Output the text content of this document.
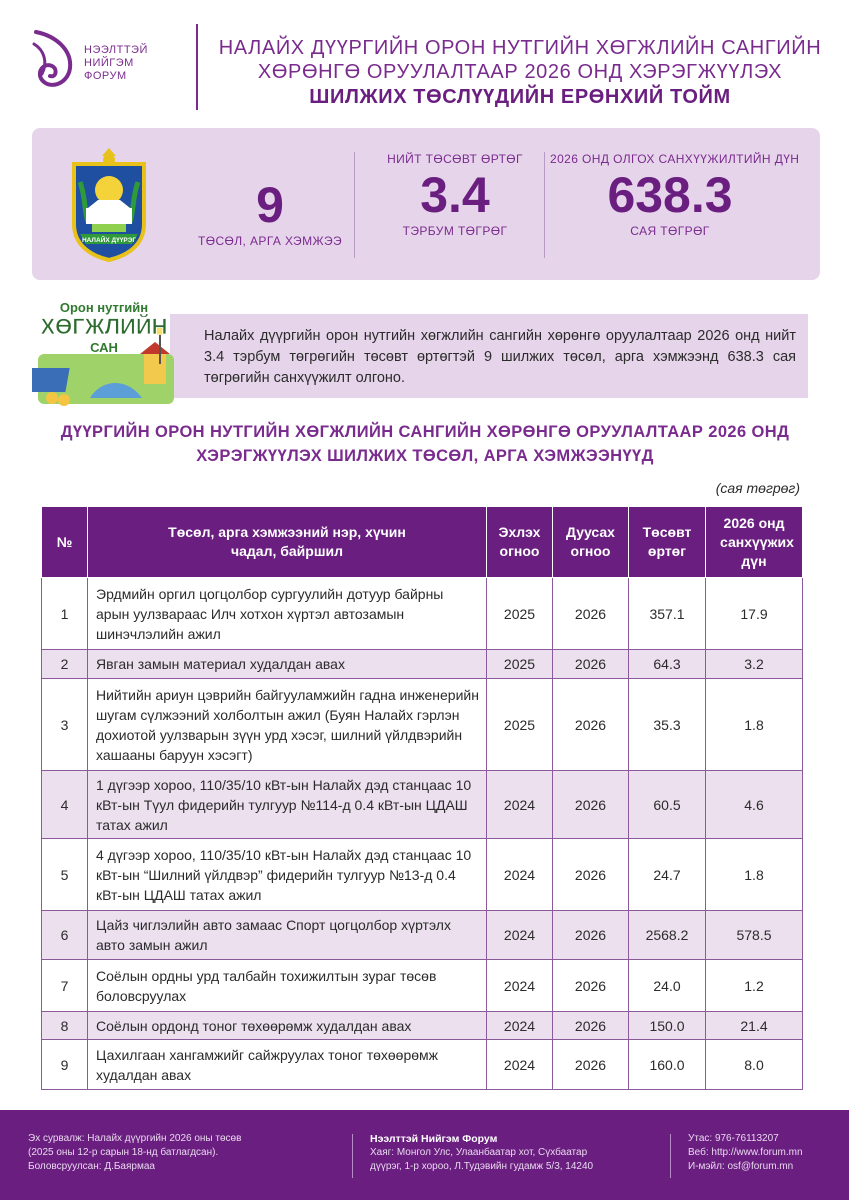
НЭЭЛТТЭЙ
НИЙГЭМ
ФОРУМ
НАЛАЙХ ДҮҮРГИЙН ОРОН НУТГИЙН ХӨГЖЛИЙН САНГИЙН
ХӨРӨНГӨ ОРУУЛАЛТААР 2026 ОНД ХЭРЭГЖҮҮЛЭХ
ШИЛЖИХ ТӨСЛҮҮДИЙН ЕРӨНХИЙ ТОЙМ
НАЛАЙХ ДҮҮРЭГ
9
ТӨСӨЛ, АРГА ХЭМЖЭЭ
НИЙТ ТӨСӨВТ ӨРТӨГ
3.4
ТЭРБУМ ТӨГРӨГ
2026 ОНД ОЛГОХ САНХҮҮЖИЛТИЙН ДҮН
638.3
САЯ ТӨГРӨГ
Налайх дүүргийн орон нутгийн хөгжлийн сангийн хөрөнгө оруулалтаар 2026 онд нийт 3.4 тэрбум төгрөгийн төсөвт өртөгтэй 9 шилжих төсөл, арга хэмжээнд 638.3 сая төгрөгийн санхүүжилт олгоно.
Орон нутгийн
ХӨГЖЛИЙН
САН
ДҮҮРГИЙН ОРОН НУТГИЙН ХӨГЖЛИЙН САНГИЙН ХӨРӨНГӨ ОРУУЛАЛТААР 2026 ОНД
ХЭРЭГЖҮҮЛЭХ ШИЛЖИХ ТӨСӨЛ, АРГА ХЭМЖЭЭНҮҮД
(сая төгрөг)
№	Төсөл, арга хэмжээний нэр, хүчин чадал, байршил	Эхлэх огноо	Дуусах огноо	Төсөвт өртөг	2026 онд санхүүжих дүн
1	Эрдмийн оргил цогцолбор сургуулийн дотуур байрны арын уулзвараас Илч хотхон хүртэл автозамын шинэчлэлийн ажил	2025	2026	357.1	17.9
2	Явган замын материал худалдан авах	2025	2026	64.3	3.2
3	Нийтийн ариун цэврийн байгууламжийн гадна инженерийн шугам сүлжээний холболтын ажил (Буян Налайх гэрлэн дохиотой уулзварын зүүн урд хэсэг, шилний үйлдвэрийн хашааны баруун хэсэгт)	2025	2026	35.3	1.8
4	1 дүгээр хороо, 110/35/10 кВт-ын Налайх дэд станцаас 10 кВт-ын Түул фидерийн тулгуур №114-д 0.4 кВт-ын ЦДАШ татах ажил	2024	2026	60.5	4.6
5	4 дүгээр хороо, 110/35/10 кВт-ын Налайх дэд станцаас 10 кВт-ын “Шилний үйлдвэр” фидерийн тулгуур №13-д 0.4 кВт-ын ЦДАШ татах ажил	2024	2026	24.7	1.8
6	Цайз чиглэлийн авто замаас Спорт цогцолбор хүртэлх авто замын ажил	2024	2026	2568.2	578.5
7	Соёлын ордны урд талбайн тохижилтын зураг төсөв боловсруулах	2024	2026	24.0	1.2
8	Соёлын ордонд тоног төхөөрөмж худалдан авах	2024	2026	150.0	21.4
9	Цахилгаан хангамжийг сайжруулах тоног төхөөрөмж худалдан авах	2024	2026	160.0	8.0
Эх сурвалж: Налайх дүүргийн 2026 оны төсөв
(2025 оны 12-р сарын 18-нд батлагдсан).
Боловсруулсан: Д.Баярмаа
Нээлттэй Нийгэм Форум
Хаяг: Монгол Улс, Улаанбаатар хот, Сүхбаатар
дүүрэг, 1-р хороо, Л.Тудэвийн гудамж 5/3, 14240
Утас: 976-76113207
Веб: http://www.forum.mn
И-мэйл: osf@forum.mn
